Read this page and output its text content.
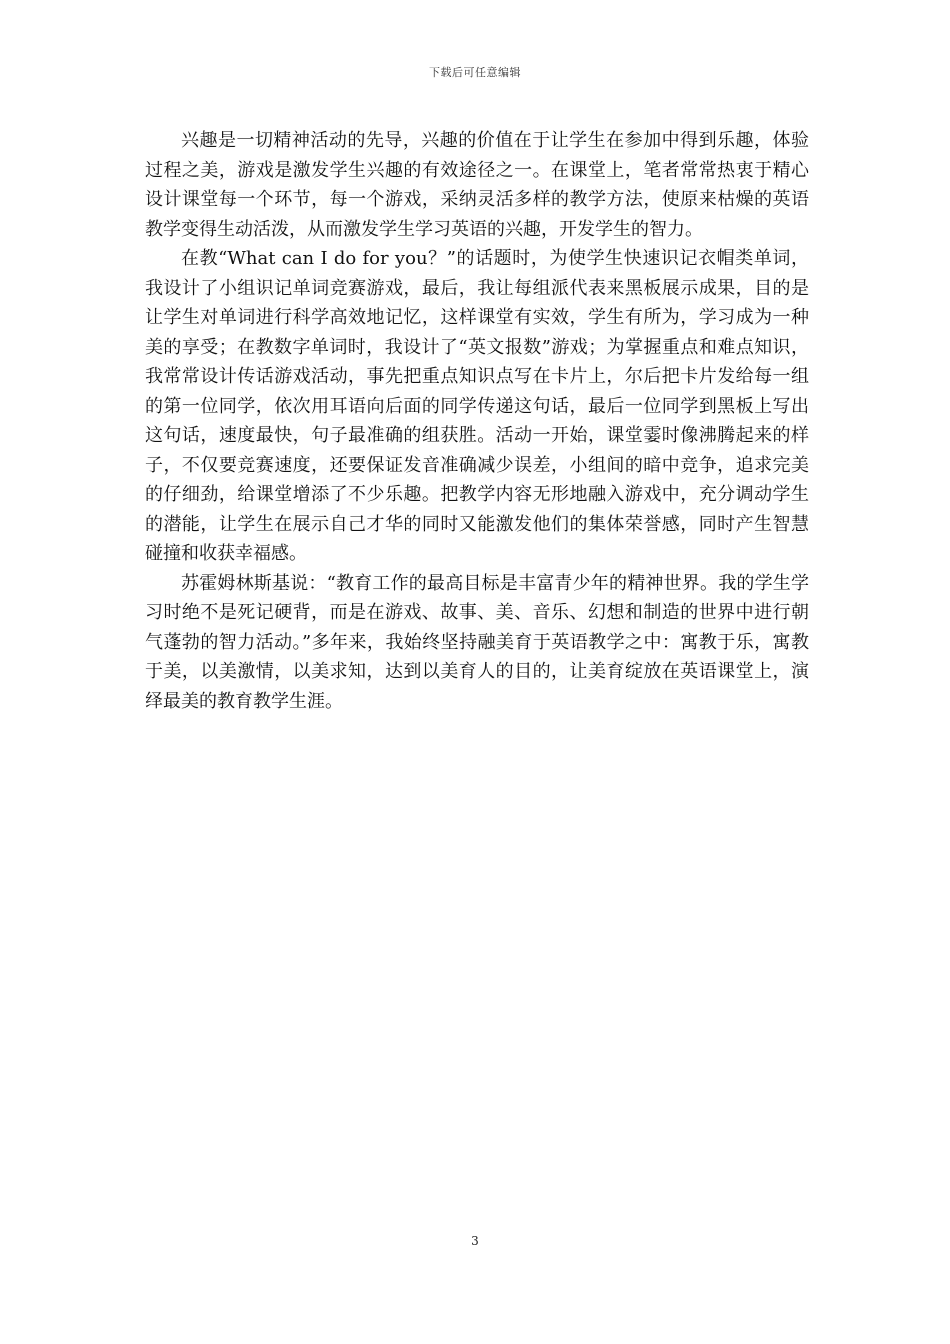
下载后可任意编辑

兴趣是一切精神活动的先导，兴趣的价值在于让学生在参加中得到乐趣，体验过程之美，游戏是激发学生兴趣的有效途径之一。在课堂上，笔者常常热衷于精心设计课堂每一个环节，每一个游戏，采纳灵活多样的教学方法，使原来枯燥的英语教学变得生动活泼，从而激发学生学习英语的兴趣，开发学生的智力。

在教“What can I do for you？”的话题时，为使学生快速识记衣帽类单词，我设计了小组识记单词竞赛游戏，最后，我让每组派代表来黑板展示成果，目的是让学生对单词进行科学高效地记忆，这样课堂有实效，学生有所为，学习成为一种美的享受；在教数字单词时，我设计了“英文报数”游戏；为掌握重点和难点知识，我常常设计传话游戏活动，事先把重点知识点写在卡片上，尔后把卡片发给每一组的第一位同学，依次用耳语向后面的同学传递这句话，最后一位同学到黑板上写出这句话，速度最快，句子最准确的组获胜。活动一开始，课堂霎时像沸腾起来的样子，不仅要竞赛速度，还要保证发音准确减少误差，小组间的暗中竞争，追求完美的仔细劲，给课堂增添了不少乐趣。把教学内容无形地融入游戏中，充分调动学生的潜能，让学生在展示自己才华的同时又能激发他们的集体荣誉感，同时产生智慧碰撞和收获幸福感。

苏霍姆林斯基说：“教育工作的最高目标是丰富青少年的精神世界。我的学生学习时绝不是死记硬背，而是在游戏、故事、美、音乐、幻想和制造的世界中进行朝气蓬勃的智力活动。”多年来，我始终坚持融美育于英语教学之中：寓教于乐，寓教于美，以美激情，以美求知，达到以美育人的目的，让美育绽放在英语课堂上，演绎最美的教育教学生涯。

3
